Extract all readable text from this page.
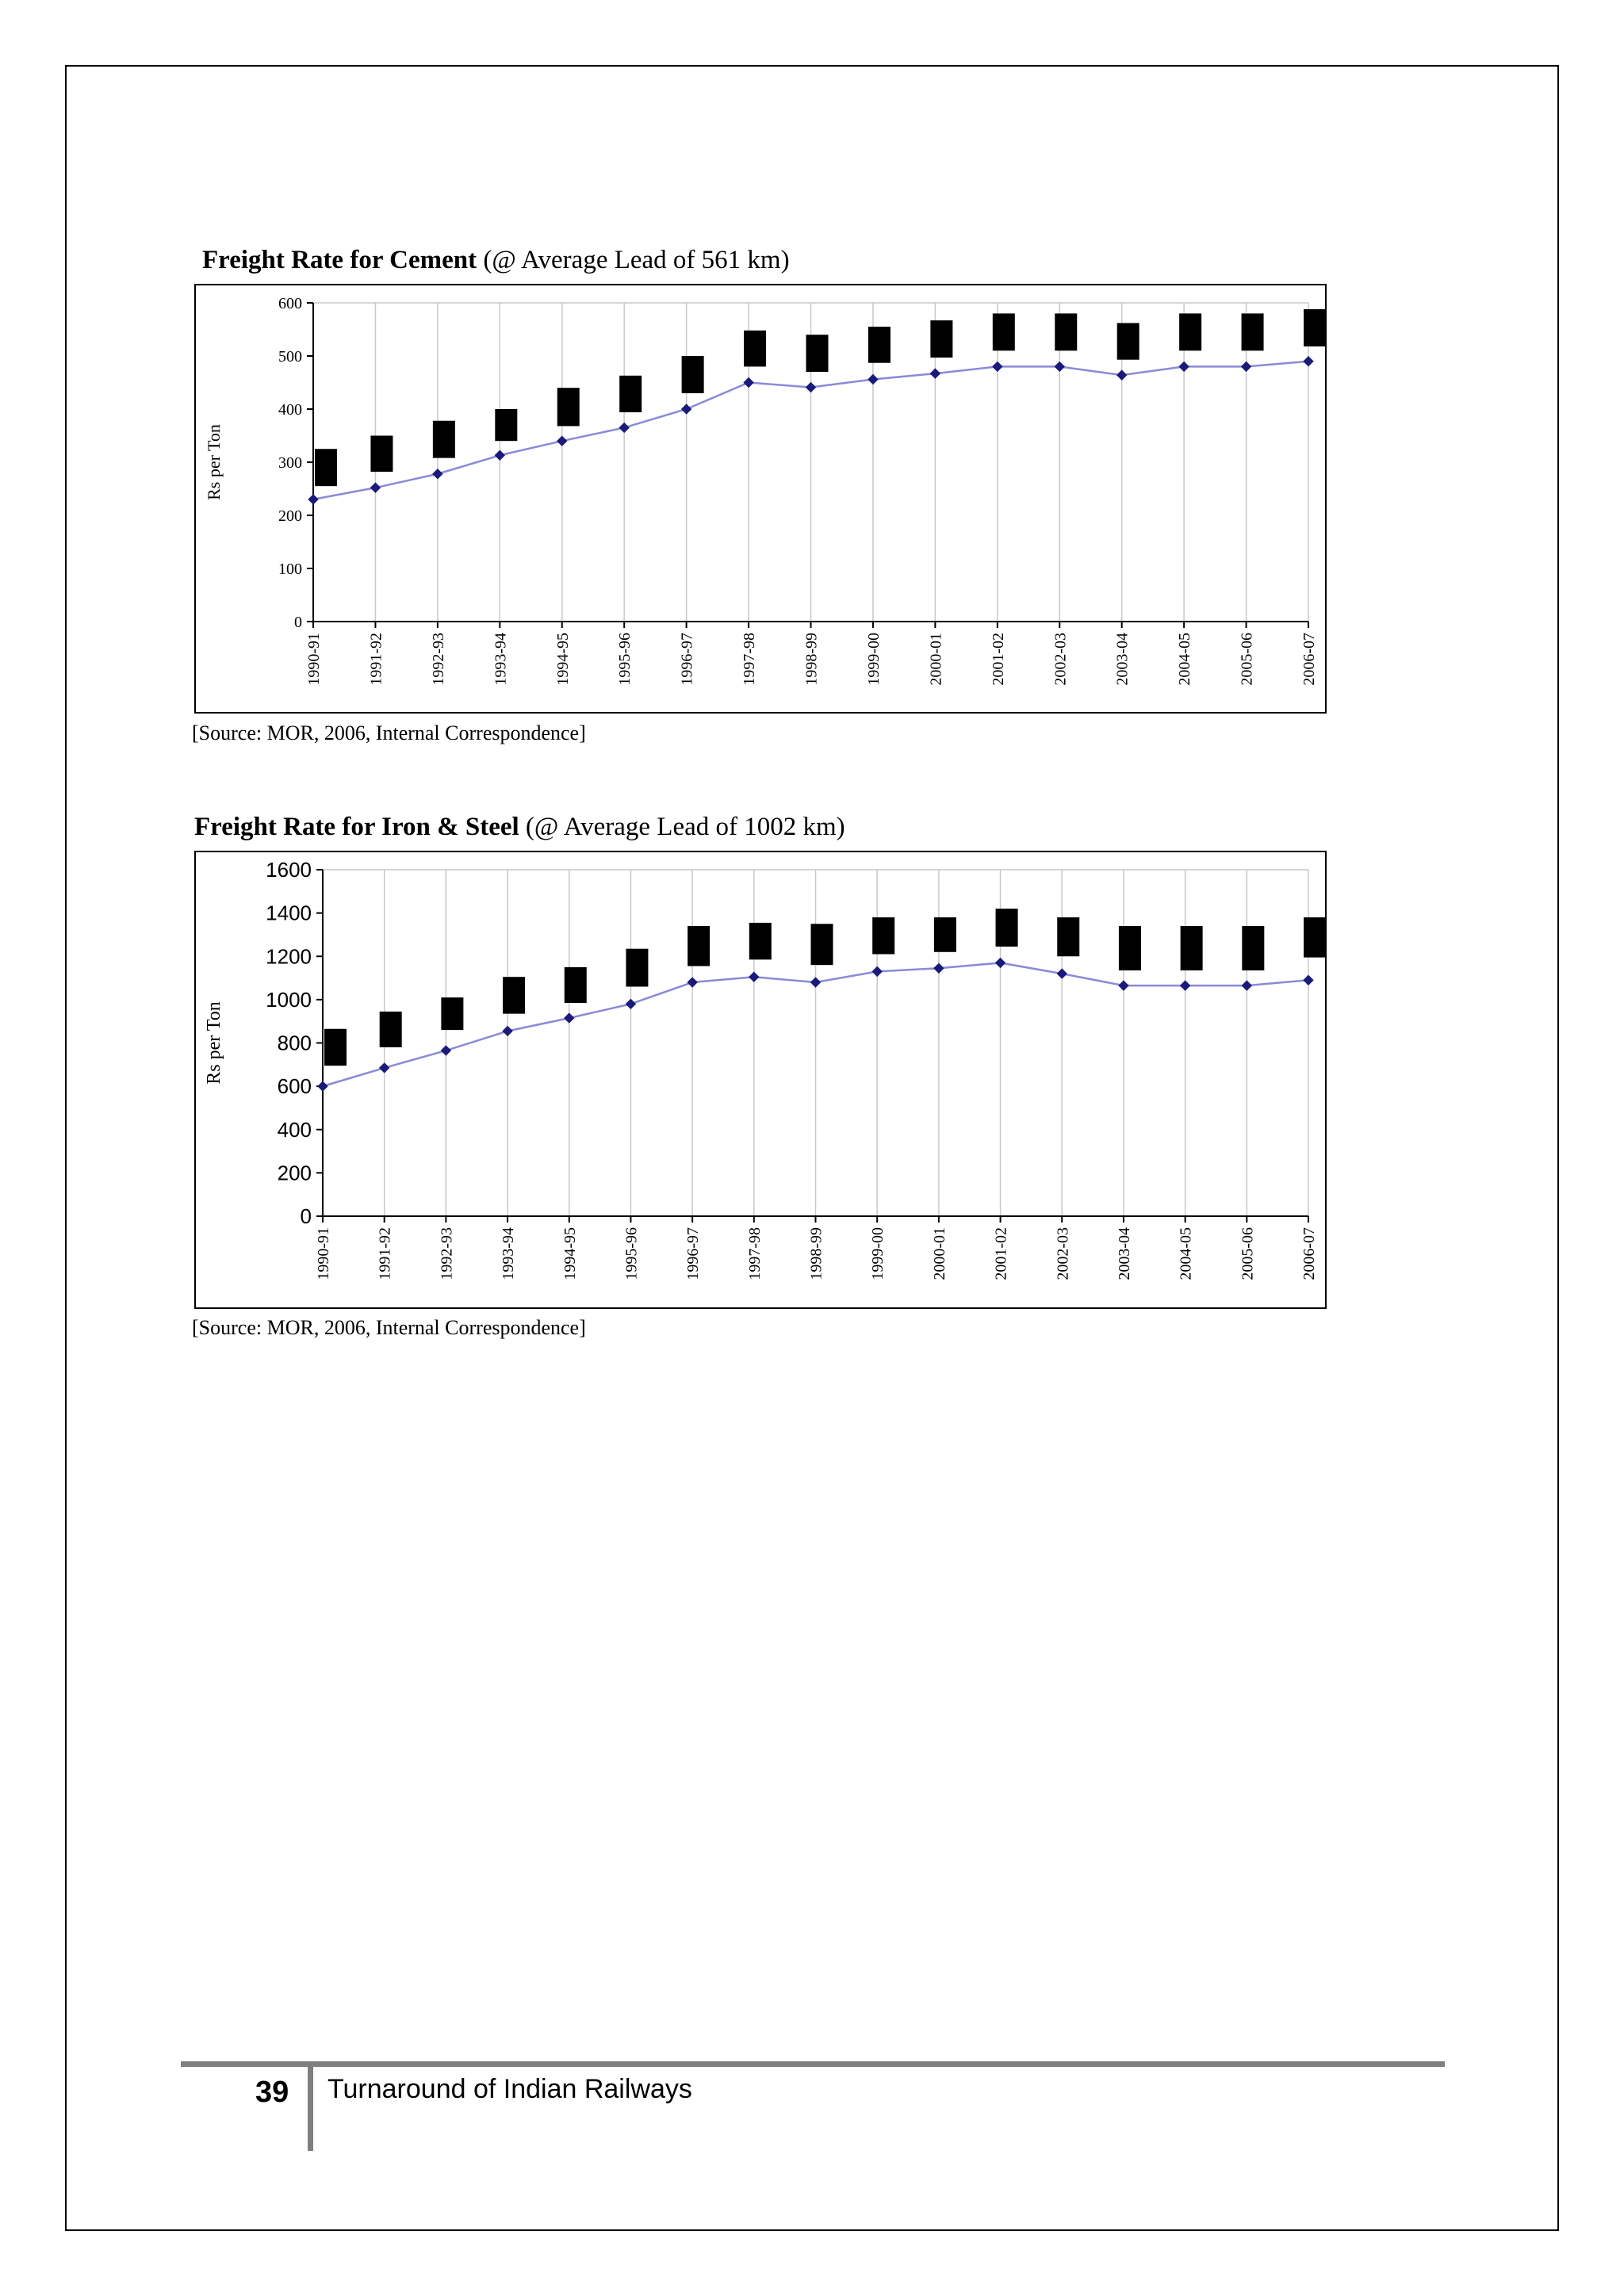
Freight Rate for Cement (@ Average Lead of 561 km)
0
100
200
300
400
500
600
Rs per Ton
1990-91	1991-92	1992-93	1993-94	1994-95	1995-96	1996-97	1997-98	1998-99	1999-00	2000-01	2001-02	2002-03	2003-04	2004-05	2005-06	2006-07
[Source: MOR, 2006, Internal Correspondence]
Freight Rate for Iron & Steel (@ Average Lead of 1002 km)
0
200
400
600
800
1000
1200
1400
1600
Rs per Ton
1990-91	1991-92	1992-93	1993-94	1994-95	1995-96	1996-97	1997-98	1998-99	1999-00	2000-01	2001-02	2002-03	2003-04	2004-05	2005-06	2006-07
[Source: MOR, 2006, Internal Correspondence]
39 Turnaround of Indian Railways
